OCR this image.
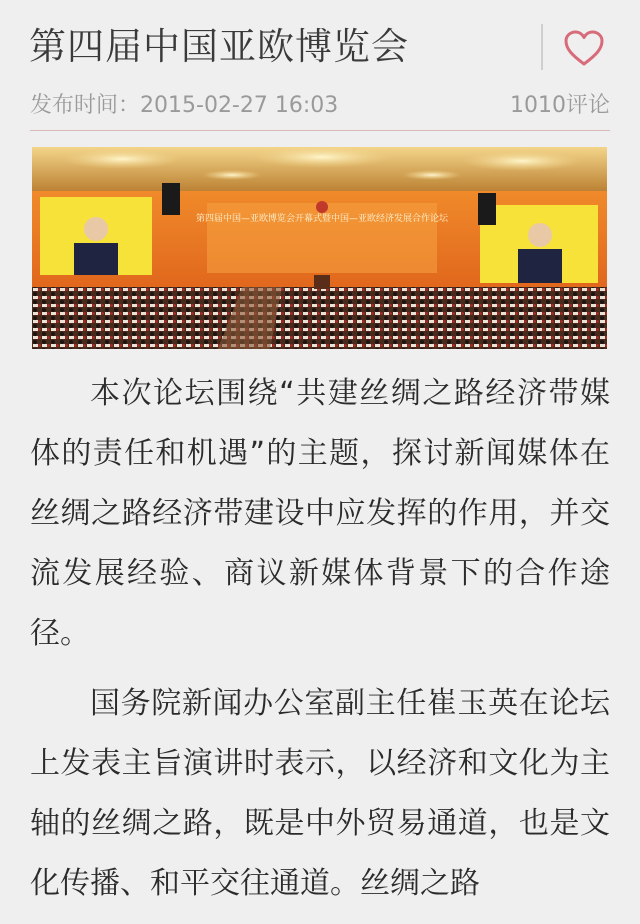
第四届中国亚欧博览会
发布时间：2015-02-27 16:03	1010评论
第四届中国—亚欧博览会开幕式暨中国—亚欧经济发展合作论坛

本次论坛围绕“共建丝绸之路经济带媒体的责任和机遇”的主题，探讨新闻媒体在丝绸之路经济带建设中应发挥的作用，并交流发展经验、商议新媒体背景下的合作途径。

国务院新闻办公室副主任崔玉英在论坛上发表主旨演讲时表示，以经济和文化为主轴的丝绸之路，既是中外贸易通道，也是文化传播、和平交往通道。丝绸之路
